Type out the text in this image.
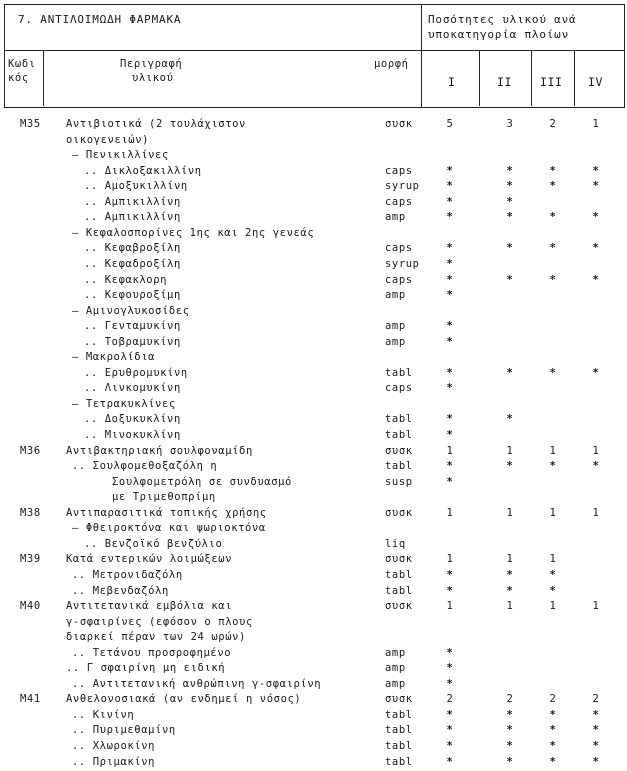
7. ΑΝΤΙΛΟΙΜΩΔΗ ΦΑΡΜΑΚΑ	Ποσότητες υλικού ανά
υποκατηγορία πλοίων
Κωδι
κός
Περιγραφή
υλικού
μορφή
I	II III IV
M35 Αντιβιοτικά (2 τουλάχιστον	συσκ	5	3	2	1
οικογενειών)
– Πενικιλλίνες
.. Δικλοξακιλλίνη	caps	*	*	*	*
.. Αμοξυκιλλίνη	syrup	*	*	*	*
.. Αμπικιλλίνη	caps	*	*
.. Αμπικιλλίνη	amp	*	*	*	*
– Κεφαλοσπορίνες 1ης και 2ης γενεάς
.. Κεφαβροξίλη	caps	*	*	*	*
.. Κεφαδροξίλη	syrup	*
.. Κεφακλορη	caps	*	*	*	*
.. Κεφουροξίμη	amp	*
– Αμινογλυκοσίδες
.. Γενταμυκίνη	amp	*
.. Τοβραμυκίνη	amp	*
– Μακρολίδια
.. Ερυθρομυκίνη	tabl	*	*	*	*
.. Λινκομυκίνη	caps	*
– Τετρακυκλίνες
.. Δοξυκυκλίνη	tabl	*	*
.. Μινοκυκλίνη	tabl	*
M36 Αντιβακτηριακή σουλφοναμίδη	συσκ	1	1	1	1
.. Σουλφομεθοξαζόλη η	tabl	*	*	*	*
Σουλφομετρόλη σε συνδυασμό	susp	*
με Τριμεθοπρίμη
M38 Αντιπαρασιτικά τοπικής χρήσης	συσκ	1	1	1	1
– Φθειροκτόνα και ψωριοκτόνα
.. Βενζοϊκό βενζύλιο	liq
M39 Κατά εντερικών λοιμώξεων	συσκ	1	1	1
.. Μετρονιδαζόλη	tabl	*	*	*
.. Μεβενδαζόλη	tabl	*	*	*
M40 Αντιτετανικά εμβόλια και	συσκ	1	1	1	1
γ-σφαιρίνες (εφόσον ο πλους
διαρκεί πέραν των 24 ωρών)
.. Τετάνου προσροφημένο	amp	*
.. Γ σφαιρίνη μη ειδική	amp	*
.. Αντιτετανική ανθρώπινη γ-σφαιρίνη	amp	*
M41 Ανθελονοσιακά (αν ενδημεί η νόσος)	συσκ	2	2	2	2
.. Κινίνη	tabl	*	*	*	*
.. Πυριμεθαμίνη	tabl	*	*	*	*
.. Χλωροκίνη	tabl	*	*	*	*
.. Πριμακίνη	tabl	*	*	*	*
